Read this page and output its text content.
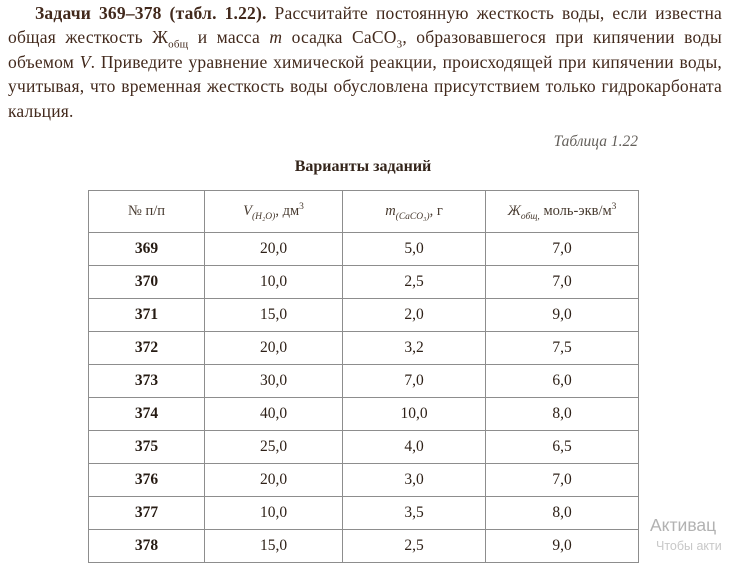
Задачи 369–378 (табл. 1.22). Рассчитайте постоянную жесткость воды, если известна общая жесткость $Ж_{общ}$ и масса m осадка CaCO$_3$, образовавшегося при кипячении воды объемом V. Приведите уравнение химической реакции, происходящей при кипячении воды, учитывая, что временная жесткость воды обусловлена присутствием только гидрокарбоната кальция.

Таблица 1.22
Варианты заданий
№ п/п	$V_{(H_2O)}$, $дм^3$	$m_{(CaCO_3)}$, г	$Ж_{общ,}$ моль-$экв/м^3$
369	20,0	5,0	7,0
370	10,0	2,5	7,0
371	15,0	2,0	9,0
372	20,0	3,2	7,5
373	30,0	7,0	6,0
374	40,0	10,0	8,0
375	25,0	4,0	6,5
376	20,0	3,0	7,0
377	10,0	3,5	8,0
378	15,0	2,5	9,0
Активац
Чтобы акти
